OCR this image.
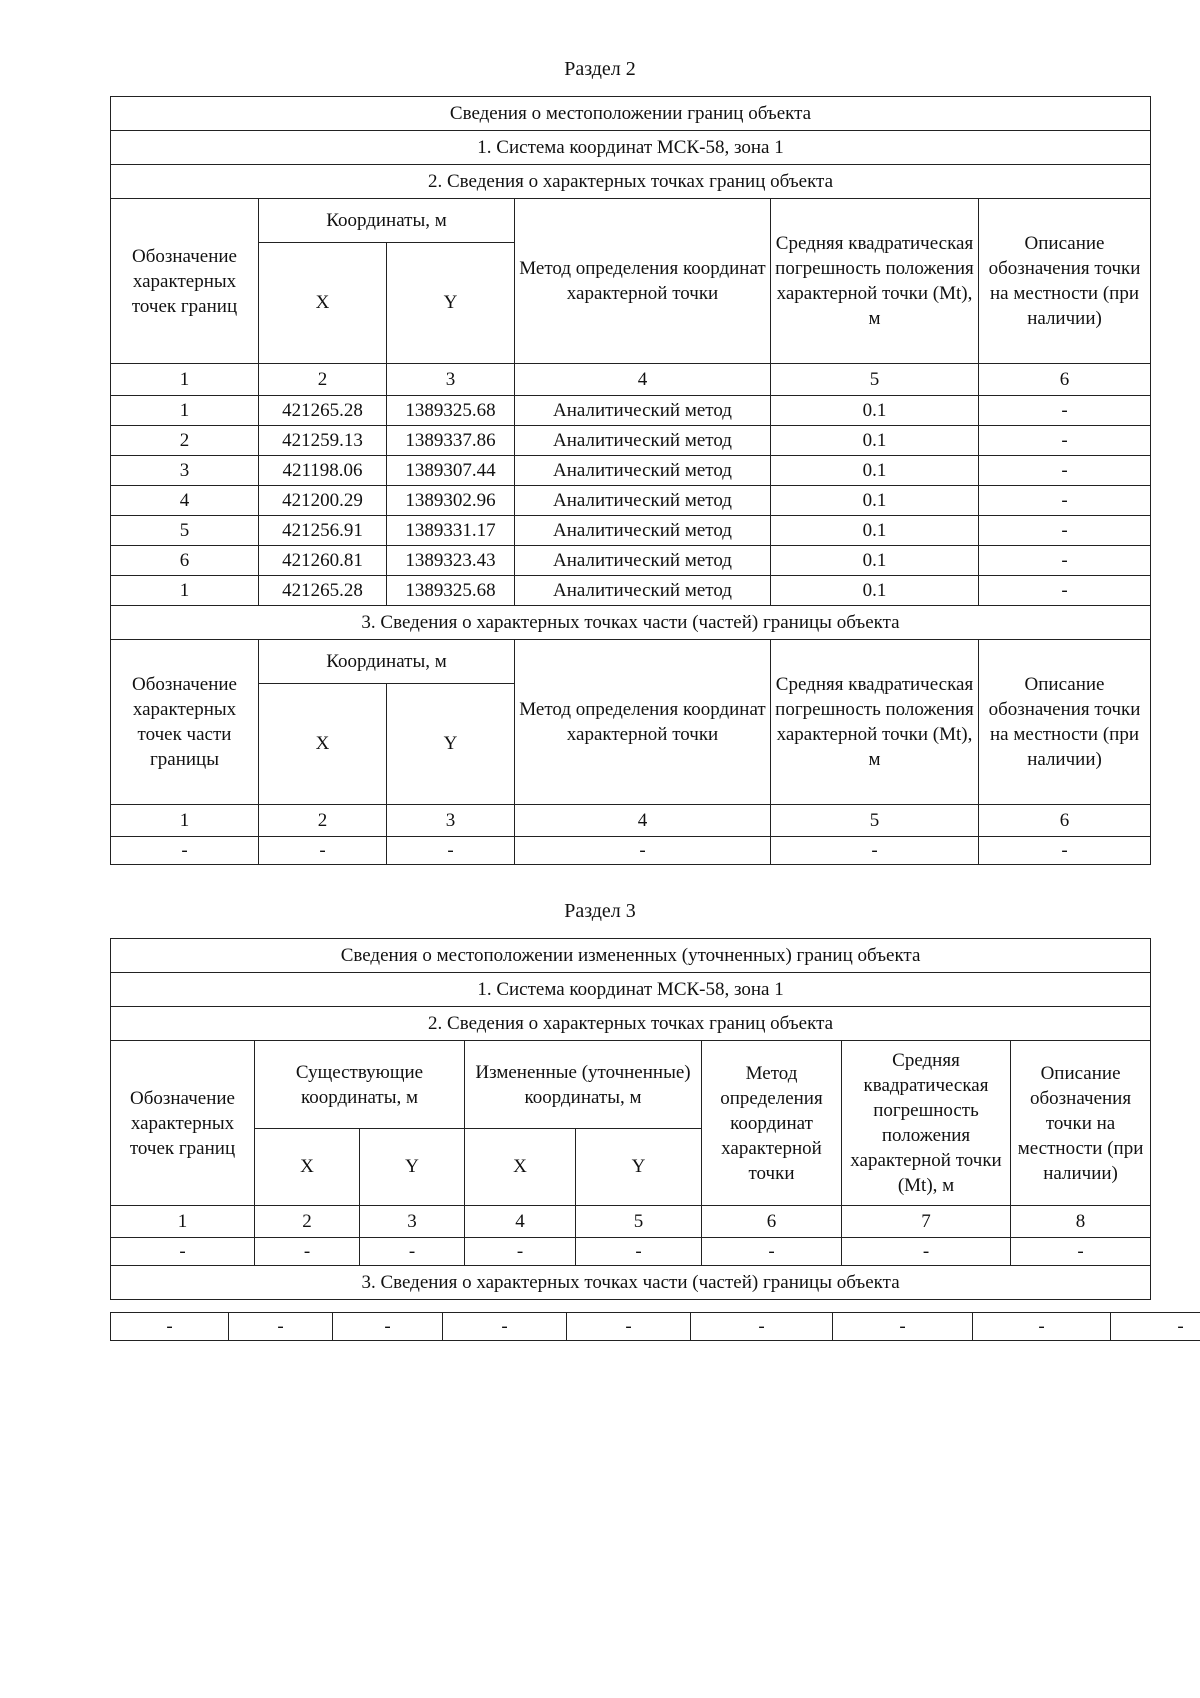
Раздел 2
Сведения о местоположении границ объекта					
1. Система координат МСК-58, зона 1					
2. Сведения о характерных точках границ объекта					
Обозначение характерных точек границ	Координаты, м		Метод определения координат характерной точки	Средняя квадратическая погрешность положения характерной точки (Mt), м	Описание обозначения точки на местности (при наличии)
	X	Y			
1	2	3	4	5	6
1	421265.28	1389325.68	Аналитический метод	0.1	-
2	421259.13	1389337.86	Аналитический метод	0.1	-
3	421198.06	1389307.44	Аналитический метод	0.1	-
4	421200.29	1389302.96	Аналитический метод	0.1	-
5	421256.91	1389331.17	Аналитический метод	0.1	-
6	421260.81	1389323.43	Аналитический метод	0.1	-
1	421265.28	1389325.68	Аналитический метод	0.1	-
3. Сведения о характерных точках части (частей) границы объекта					
Обозначение характерных точек части границы	Координаты, м		Метод определения координат характерной точки	Средняя квадратическая погрешность положения характерной точки (Mt), м	Описание обозначения точки на местности (при наличии)
	X	Y			
1	2	3	4	5	6
-	-	-	-	-	-
Раздел 3
Сведения о местоположении измененных (уточненных) границ объекта							
1. Система координат МСК-58, зона 1							
2. Сведения о характерных точках границ объекта							
Обозначение характерных точек границ	Существующие координаты, м		Измененные (уточненные) координаты, м		Метод определения координат характерной точки	Средняя квадратическая погрешность положения характерной точки (Mt), м	Описание обозначения точки на местности (при наличии)
	X	Y	X	Y			
1	2	3	4	5	6	7	8
-	-	-	-	-	-	-	-
3. Сведения о характерных точках части (частей) границы объекта							
-	-	-	-	-	-	-	-	-
